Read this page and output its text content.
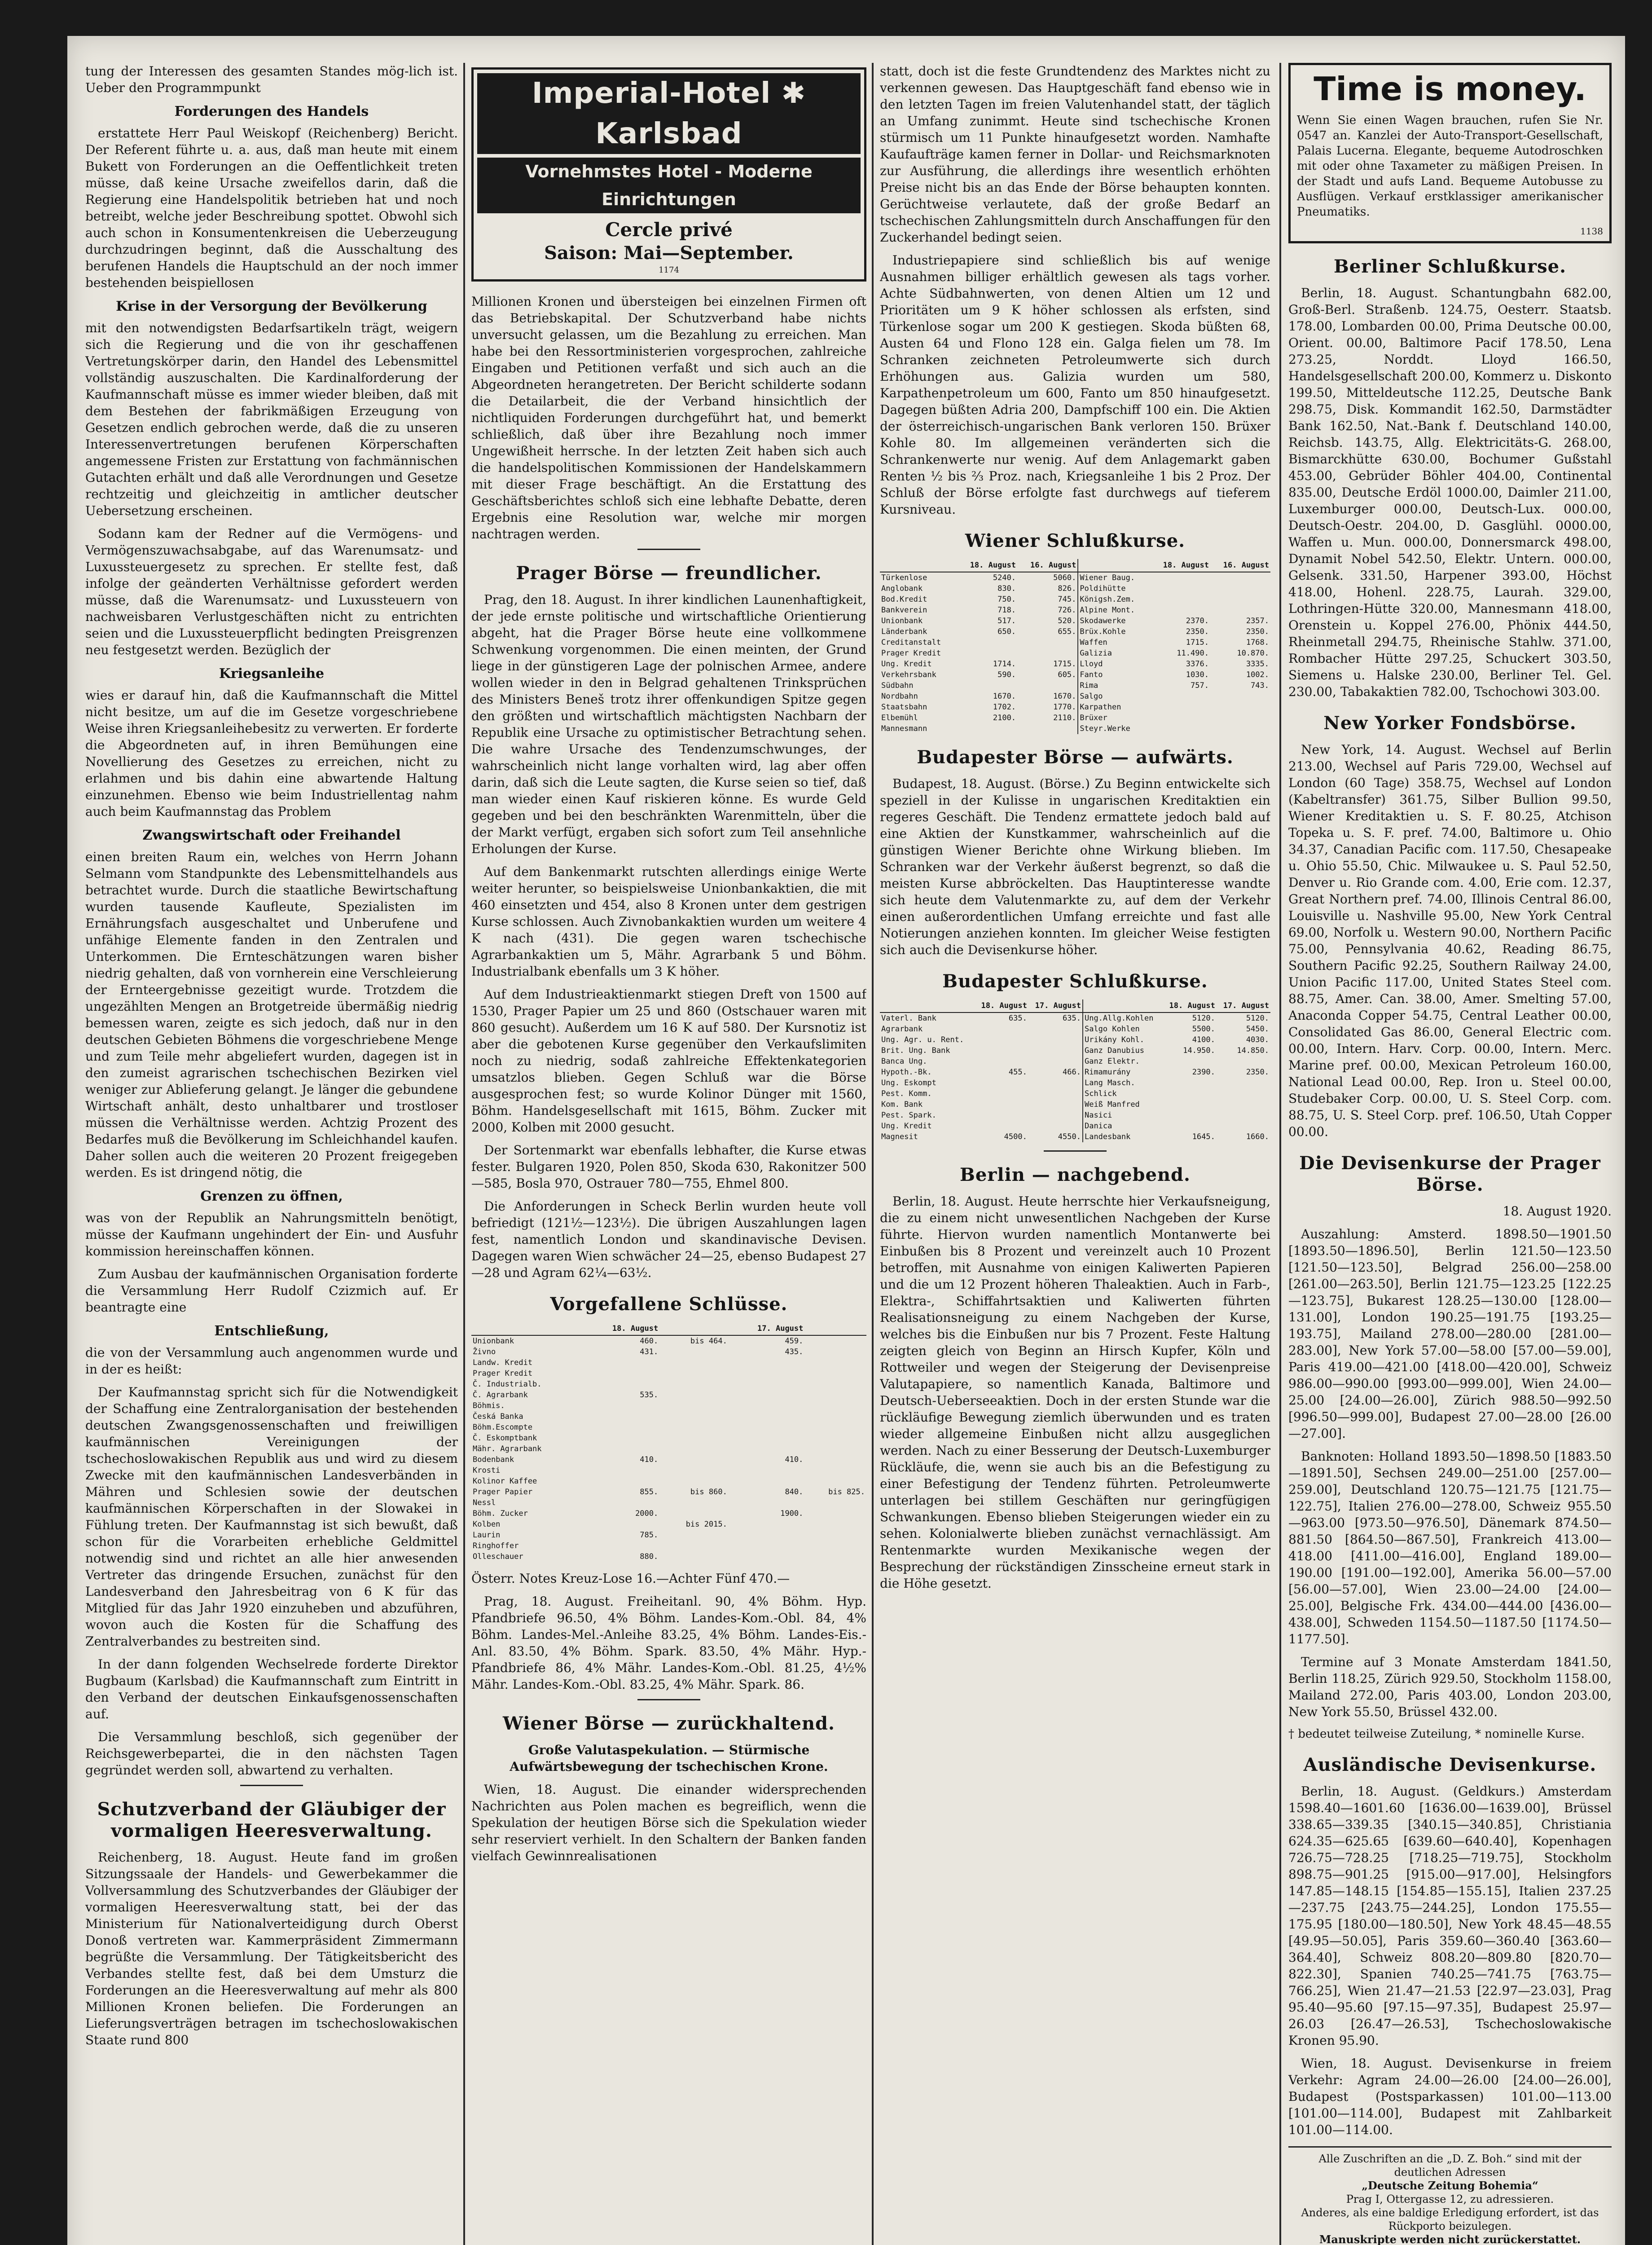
tung der Interessen des gesamten Standes mög-lich ist. Ueber den Programmpunkt

Forderungen des Handels

erstattete Herr Paul Weiskopf (Reichenberg) Bericht. Der Referent führte u. a. aus, daß man heute mit einem Bukett von Forderungen an die Oeffentlichkeit treten müsse, daß keine Ursache zweifellos darin, daß die Regierung eine Handelspolitik betrieben hat und noch betreibt, welche jeder Beschreibung spottet. Obwohl sich auch schon in Konsumentenkreisen die Ueberzeugung durchzudringen beginnt, daß die Ausschaltung des berufenen Handels die Hauptschuld an der noch immer bestehenden beispiellosen

Krise in der Versorgung der Bevölkerung

mit den notwendigsten Bedarfsartikeln trägt, weigern sich die Regierung und die von ihr geschaffenen Vertretungskörper darin, den Handel des Lebensmittel vollständig auszuschalten. Die Kardinalforderung der Kaufmannschaft müsse es immer wieder bleiben, daß mit dem Bestehen der fabrikmäßigen Erzeugung von Gesetzen endlich gebrochen werde, daß die zu unseren Interessenvertretungen berufenen Körperschaften angemessene Fristen zur Erstattung von fachmännischen Gutachten erhält und daß alle Verordnungen und Gesetze rechtzeitig und gleichzeitig in amtlicher deutscher Uebersetzung erscheinen.

Sodann kam der Redner auf die Vermögens- und Vermögenszuwachsabgabe, auf das Warenumsatz- und Luxussteuergesetz zu sprechen. Er stellte fest, daß infolge der geänderten Verhältnisse gefordert werden müsse, daß die Warenumsatz- und Luxussteuern von nachweisbaren Verlustgeschäften nicht zu entrichten seien und die Luxussteuerpflicht bedingten Preisgrenzen neu festgesetzt werden. Bezüglich der

Kriegsanleihe

wies er darauf hin, daß die Kaufmannschaft die Mittel nicht besitze, um auf die im Gesetze vorgeschriebene Weise ihren Kriegsanleihebesitz zu verwerten. Er forderte die Abgeordneten auf, in ihren Bemühungen eine Novellierung des Gesetzes zu erreichen, nicht zu erlahmen und bis dahin eine abwartende Haltung einzunehmen. Ebenso wie beim Industriellentag nahm auch beim Kaufmannstag das Problem

Zwangswirtschaft oder Freihandel

einen breiten Raum ein, welches von Herrn Johann Selmann vom Standpunkte des Lebensmittelhandels aus betrachtet wurde. Durch die staatliche Bewirtschaftung wurden tausende Kaufleute, Spezialisten im Ernährungsfach ausgeschaltet und Unberufene und unfähige Elemente fanden in den Zentralen und Unterkommen. Die Ernteschätzungen waren bisher niedrig gehalten, daß von vornherein eine Verschleierung der Ernteergebnisse gezeitigt wurde. Trotzdem die ungezählten Mengen an Brotgetreide übermäßig niedrig bemessen waren, zeigte es sich jedoch, daß nur in den deutschen Gebieten Böhmens die vorgeschriebene Menge und zum Teile mehr abgeliefert wurden, dagegen ist in den zumeist agrarischen tschechischen Bezirken viel weniger zur Ablieferung gelangt. Je länger die gebundene Wirtschaft anhält, desto unhaltbarer und trostloser müssen die Verhältnisse werden. Achtzig Prozent des Bedarfes muß die Bevölkerung im Schleichhandel kaufen. Daher sollen auch die weiteren 20 Prozent freigegeben werden. Es ist dringend nötig, die

Grenzen zu öffnen,

was von der Republik an Nahrungsmitteln benötigt, müsse der Kaufmann ungehindert der Ein- und Ausfuhr kommission hereinschaffen können.

Zum Ausbau der kaufmännischen Organisation forderte die Versammlung Herr Rudolf Czizmich auf. Er beantragte eine

Entschließung,

die von der Versammlung auch angenommen wurde und in der es heißt:

Der Kaufmannstag spricht sich für die Notwendigkeit der Schaffung eine Zentralorganisation der bestehenden deutschen Zwangsgenossenschaften und freiwilligen kaufmännischen Vereinigungen der tschechoslowakischen Republik aus und wird zu diesem Zwecke mit den kaufmännischen Landesverbänden in Mähren und Schlesien sowie der deutschen kaufmännischen Körperschaften in der Slowakei in Fühlung treten. Der Kaufmannstag ist sich bewußt, daß schon für die Vorarbeiten erhebliche Geldmittel notwendig sind und richtet an alle hier anwesenden Vertreter das dringende Ersuchen, zunächst für den Landesverband den Jahresbeitrag von 6 K für das Mitglied für das Jahr 1920 einzuheben und abzuführen, wovon auch die Kosten für die Schaffung des Zentralverbandes zu bestreiten sind.

In der dann folgenden Wechselrede forderte Direktor Bugbaum (Karlsbad) die Kaufmannschaft zum Eintritt in den Verband der deutschen Einkaufsgenossenschaften auf.

Die Versammlung beschloß, sich gegenüber der Reichsgewerbepartei, die in den nächsten Tagen gegründet werden soll, abwartend zu verhalten.

Schutzverband der Gläubiger der vormaligen Heeresverwaltung.

Reichenberg, 18. August. Heute fand im großen Sitzungssaale der Handels- und Gewerbekammer die Vollversammlung des Schutzverbandes der Gläubiger der vormaligen Heeresverwaltung statt, bei der das Ministerium für Nationalverteidigung durch Oberst Donoß vertreten war. Kammerpräsident Zimmermann begrüßte die Versammlung. Der Tätigkeitsbericht des Verbandes stellte fest, daß bei dem Umsturz die Forderungen an die Heeresverwaltung auf mehr als 800 Millionen Kronen beliefen. Die Forderungen an Lieferungsverträgen betragen im tschechoslowakischen Staate rund 800

Imperial-Hotel ✱ Karlsbad
Vornehmstes Hotel - Moderne Einrichtungen
Cercle privé
Saison: Mai—September.
1174

Millionen Kronen und übersteigen bei einzelnen Firmen oft das Betriebskapital. Der Schutzverband habe nichts unversucht gelassen, um die Bezahlung zu erreichen. Man habe bei den Ressortministerien vorgesprochen, zahlreiche Eingaben und Petitionen verfaßt und sich auch an die Abgeordneten herangetreten. Der Bericht schilderte sodann die Detailarbeit, die der Verband hinsichtlich der nichtliquiden Forderungen durchgeführt hat, und bemerkt schließlich, daß über ihre Bezahlung noch immer Ungewißheit herrsche. In der letzten Zeit haben sich auch die handelspolitischen Kommissionen der Handelskammern mit dieser Frage beschäftigt. An die Erstattung des Geschäftsberichtes schloß sich eine lebhafte Debatte, deren Ergebnis eine Resolution war, welche mir morgen nachtragen werden.

Prager Börse — freundlicher.

Prag, den 18. August. In ihrer kindlichen Launenhaftigkeit, der jede ernste politische und wirtschaftliche Orientierung abgeht, hat die Prager Börse heute eine vollkommene Schwenkung vorgenommen. Die einen meinten, der Grund liege in der günstigeren Lage der polnischen Armee, andere wollen wieder in den in Belgrad gehaltenen Trinksprüchen des Ministers Beneš trotz ihrer offenkundigen Spitze gegen den größten und wirtschaftlich mächtigsten Nachbarn der Republik eine Ursache zu optimistischer Betrachtung sehen. Die wahre Ursache des Tendenzumschwunges, der wahrscheinlich nicht lange vorhalten wird, lag aber offen darin, daß sich die Leute sagten, die Kurse seien so tief, daß man wieder einen Kauf riskieren könne. Es wurde Geld gegeben und bei den beschränkten Warenmitteln, über die der Markt verfügt, ergaben sich sofort zum Teil ansehnliche Erholungen der Kurse.

Auf dem Bankenmarkt rutschten allerdings einige Werte weiter herunter, so beispielsweise Unionbankaktien, die mit 460 einsetzten und 454, also 8 Kronen unter dem gestrigen Kurse schlossen. Auch Zivnobankaktien wurden um weitere 4 K nach (431). Die gegen waren tschechische Agrarbankaktien um 5, Mähr. Agrarbank 5 und Böhm. Industrialbank ebenfalls um 3 K höher.

Auf dem Industrieaktienmarkt stiegen Dreft von 1500 auf 1530, Prager Papier um 25 und 860 (Ostschauer waren mit 860 gesucht). Außerdem um 16 K auf 580. Der Kursnotiz ist aber die gebotenen Kurse gegenüber den Verkaufslimiten noch zu niedrig, sodaß zahlreiche Effektenkategorien umsatzlos blieben. Gegen Schluß war die Börse ausgesprochen fest; so wurde Kolinor Dünger mit 1560, Böhm. Handelsgesellschaft mit 1615, Böhm. Zucker mit 2000, Kolben mit 2000 gesucht.

Der Sortenmarkt war ebenfalls lebhafter, die Kurse etwas fester. Bulgaren 1920, Polen 850, Skoda 630, Rakonitzer 500—585, Bosla 970, Ostrauer 780—755, Ehmel 800.

Die Anforderungen in Scheck Berlin wurden heute voll befriedigt (121½—123½). Die übrigen Auszahlungen lagen fest, namentlich London und skandinavische Devisen. Dagegen waren Wien schwächer 24—25, ebenso Budapest 27—28 und Agram 62¼—63½.

Vorgefallene Schlüsse.
	18. August		17. August	
Unionbank	460.	bis 464.	459.	
Živno	431.		435.	
Landw. Kredit				
Prager Kredit				
Č. Industrialb.				
Č. Agrarbank	535.			
Böhmis.				
Česká Banka				
Böhm.Escompte				
Č. Eskomptbank				
Mähr. Agrarbank				
Bodenbank	410.		410.	
Krosti				
Kolinor Kaffee				
Prager Papier	855.	bis 860.	840.	bis 825.
Nessl				
Böhm. Zucker	2000.		1900.	
Kolben		bis 2015.		
Laurin	785.			
Ringhoffer				
Olleschauer	880.			

Österr. Notes Kreuz-Lose 16.—Achter Fünf 470.—

Prag, 18. August. Freiheitanl. 90, 4% Böhm. Hyp. Pfandbriefe 96.50, 4% Böhm. Landes-Kom.-Obl. 84, 4% Böhm. Landes-Mel.-Anleihe 83.25, 4% Böhm. Landes-Eis.-Anl. 83.50, 4% Böhm. Spark. 83.50, 4% Mähr. Hyp.-Pfandbriefe 86, 4% Mähr. Landes-Kom.-Obl. 81.25, 4½% Mähr. Landes-Kom.-Obl. 83.25, 4% Mähr. Spark. 86.

Wiener Börse — zurückhaltend.

Große Valutaspekulation. — Stürmische Aufwärtsbewegung der tschechischen Krone.

Wien, 18. August. Die einander widersprechenden Nachrichten aus Polen machen es begreiflich, wenn die Spekulation der heutigen Börse sich die Spekulation wieder sehr reserviert verhielt. In den Schaltern der Banken fanden vielfach Gewinnrealisationen

statt, doch ist die feste Grundtendenz des Marktes nicht zu verkennen gewesen. Das Hauptgeschäft fand ebenso wie in den letzten Tagen im freien Valutenhandel statt, der täglich an Umfang zunimmt. Heute sind tschechische Kronen stürmisch um 11 Punkte hinaufgesetzt worden. Namhafte Kaufaufträge kamen ferner in Dollar- und Reichsmarknoten zur Ausführung, die allerdings ihre wesentlich erhöhten Preise nicht bis an das Ende der Börse behaupten konnten. Gerüchtweise verlautete, daß der große Bedarf an tschechischen Zahlungsmitteln durch Anschaffungen für den Zuckerhandel bedingt seien.

Industriepapiere sind schließlich bis auf wenige Ausnahmen billiger erhältlich gewesen als tags vorher. Achte Südbahnwerten, von denen Altien um 12 und Prioritäten um 9 K höher schlossen als erfsten, sind Türkenlose sogar um 200 K gestiegen. Skoda büßten 68, Austen 64 und Flono 128 ein. Galga fielen um 78. Im Schranken zeichneten Petroleumwerte sich durch Erhöhungen aus. Galizia wurden um 580, Karpathenpetroleum um 600, Fanto um 850 hinaufgesetzt. Dagegen büßten Adria 200, Dampfschiff 100 ein. Die Aktien der österreichisch-ungarischen Bank verloren 150. Brüxer Kohle 80. Im allgemeinen veränderten sich die Schrankenwerte nur wenig. Auf dem Anlagemarkt gaben Renten ½ bis ⅔ Proz. nach, Kriegsanleihe 1 bis 2 Proz. Der Schluß der Börse erfolgte fast durchwegs auf tieferem Kursniveau.

Wiener Schlußkurse.
	18. August	16. August		18. August	16. August
Türkenlose	5240.	5060.	Wiener Baug.		
Anglobank	830.	826.	Poldihütte		
Bod.Kredit	750.	745.	Königsh.Zem.		
Bankverein	718.	726.	Alpine Mont.		
Unionbank	517.	520.	Skodawerke	2370.	2357.
Länderbank	650.	655.	Brüx.Kohle	2350.	2350.
Creditanstalt			Waffen	1715.	1768.
Prager Kredit			Galizia	11.490.	10.870.
Ung. Kredit	1714.	1715.	Lloyd	3376.	3335.
Verkehrsbank	590.	605.	Fanto	1030.	1002.
Südbahn			Rima	757.	743.
Nordbahn	1670.	1670.	Salgo		
Staatsbahn	1702.	1770.	Karpathen		
Elbemühl	2100.	2110.	Brüxer		
Mannesmann			Steyr.Werke		
Budapester Börse — aufwärts.

Budapest, 18. August. (Börse.) Zu Beginn entwickelte sich speziell in der Kulisse in ungarischen Kreditaktien ein regeres Geschäft. Die Tendenz ermattete jedoch bald auf eine Aktien der Kunstkammer, wahrscheinlich auf die günstigen Wiener Berichte ohne Wirkung blieben. Im Schranken war der Verkehr äußerst begrenzt, so daß die meisten Kurse abbröckelten. Das Hauptinteresse wandte sich heute dem Valutenmarkte zu, auf dem der Verkehr einen außerordentlichen Umfang erreichte und fast alle Notierungen anziehen konnten. Im gleicher Weise festigten sich auch die Devisenkurse höher.

Budapester Schlußkurse.
	18. August	17. August		18. August	17. August
Vaterl. Bank	635.	635.	Ung.Allg.Kohlen	5120.	5120.
Agrarbank			Salgo Kohlen	5500.	5450.
Ung. Agr. u. Rent.			Urikány Kohl.	4100.	4030.
Brit. Ung. Bank			Ganz Danubius	14.950.	14.850.
Banca Ung.			Ganz Elektr.		
Hypoth.-Bk.	455.	466.	Rimamurány	2390.	2350.
Ung. Eskompt			Lang Masch.		
Pest. Komm.			Schlick		
Kom. Bank			Weiß Manfred		
Pest. Spark.			Nasici		
Ung. Kredit			Danica		
Magnesit	4500.	4550.	Landesbank	1645.	1660.
Berlin — nachgebend.

Berlin, 18. August. Heute herrschte hier Verkaufsneigung, die zu einem nicht unwesentlichen Nachgeben der Kurse führte. Hiervon wurden namentlich Montanwerte bei Einbußen bis 8 Prozent und vereinzelt auch 10 Prozent betroffen, mit Ausnahme von einigen Kaliwerten Papieren und die um 12 Prozent höheren Thaleaktien. Auch in Farb-, Elektra-, Schiffahrtsaktien und Kaliwerten führten Realisationsneigung zu einem Nachgeben der Kurse, welches bis die Einbußen nur bis 7 Prozent. Feste Haltung zeigten gleich von Beginn an Hirsch Kupfer, Köln und Rottweiler und wegen der Steigerung der Devisenpreise Valutapapiere, so namentlich Kanada, Baltimore und Deutsch-Ueberseeaktien. Doch in der ersten Stunde war die rückläufige Bewegung ziemlich überwunden und es traten wieder allgemeine Einbußen nicht allzu ausgeglichen werden. Nach zu einer Besserung der Deutsch-Luxemburger Rückläufe, die, wenn sie auch bis an die Befestigung zu einer Befestigung der Tendenz führten. Petroleumwerte unterlagen bei stillem Geschäften nur geringfügigen Schwankungen. Ebenso blieben Steigerungen wieder ein zu sehen. Kolonialwerte blieben zunächst vernachlässigt. Am Rentenmarkte wurden Mexikanische wegen der Besprechung der rückständigen Zinsscheine erneut stark in die Höhe gesetzt.

Time is money.

Wenn Sie einen Wagen brauchen, rufen Sie Nr. 0547 an. Kanzlei der Auto-Transport-Gesellschaft, Palais Lucerna. Elegante, bequeme Autodroschken mit oder ohne Taxameter zu mäßigen Preisen. In der Stadt und aufs Land. Bequeme Autobusse zu Ausflügen. Verkauf erstklassiger amerikanischer Pneumatiks.

1138
Berliner Schlußkurse.

Berlin, 18. August. Schantungbahn 682.00, Groß-Berl. Straßenb. 124.75, Oesterr. Staatsb. 178.00, Lombarden 00.00, Prima Deutsche 00.00, Orient. 00.00, Baltimore Pacif 178.50, Lena 273.25, Norddt. Lloyd 166.50, Handelsgesellschaft 200.00, Kommerz u. Diskonto 199.50, Mitteldeutsche 112.25, Deutsche Bank 298.75, Disk. Kommandit 162.50, Darmstädter Bank 162.50, Nat.-Bank f. Deutschland 140.00, Reichsb. 143.75, Allg. Elektricitäts-G. 268.00, Bismarckhütte 630.00, Bochumer Gußstahl 453.00, Gebrüder Böhler 404.00, Continental 835.00, Deutsche Erdöl 1000.00, Daimler 211.00, Luxemburger 000.00, Deutsch-Lux. 000.00, Deutsch-Oestr. 204.00, D. Gasglühl. 0000.00, Waffen u. Mun. 000.00, Donnersmarck 498.00, Dynamit Nobel 542.50, Elektr. Untern. 000.00, Gelsenk. 331.50, Harpener 393.00, Höchst 418.00, Hohenl. 228.75, Laurah. 329.00, Lothringen-Hütte 320.00, Mannesmann 418.00, Orenstein u. Koppel 276.00, Phönix 444.50, Rheinmetall 294.75, Rheinische Stahlw. 371.00, Rombacher Hütte 297.25, Schuckert 303.50, Siemens u. Halske 230.00, Berliner Tel. Gel. 230.00, Tabakaktien 782.00, Tschochowi 303.00.

New Yorker Fondsbörse.

New York, 14. August. Wechsel auf Berlin 213.00, Wechsel auf Paris 729.00, Wechsel auf London (60 Tage) 358.75, Wechsel auf London (Kabeltransfer) 361.75, Silber Bullion 99.50, Wiener Kreditaktien u. S. F. 80.25, Atchison Topeka u. S. F. pref. 74.00, Baltimore u. Ohio 34.37, Canadian Pacific com. 117.50, Chesapeake u. Ohio 55.50, Chic. Milwaukee u. S. Paul 52.50, Denver u. Rio Grande com. 4.00, Erie com. 12.37, Great Northern pref. 74.00, Illinois Central 86.00, Louisville u. Nashville 95.00, New York Central 69.00, Norfolk u. Western 90.00, Northern Pacific 75.00, Pennsylvania 40.62, Reading 86.75, Southern Pacific 92.25, Southern Railway 24.00, Union Pacific 117.00, United States Steel com. 88.75, Amer. Can. 38.00, Amer. Smelting 57.00, Anaconda Copper 54.75, Central Leather 00.00, Consolidated Gas 86.00, General Electric com. 00.00, Intern. Harv. Corp. 00.00, Intern. Merc. Marine pref. 00.00, Mexican Petroleum 160.00, National Lead 00.00, Rep. Iron u. Steel 00.00, Studebaker Corp. 00.00, U. S. Steel Corp. com. 88.75, U. S. Steel Corp. pref. 106.50, Utah Copper 00.00.

Die Devisenkurse der Prager Börse.

18. August 1920.

Auszahlung: Amsterd. 1898.50—1901.50 [1893.50—1896.50], Berlin 121.50—123.50 [121.50—123.50], Belgrad 256.00—258.00 [261.00—263.50], Berlin 121.75—123.25 [122.25—123.75], Bukarest 128.25—130.00 [128.00—131.00], London 190.25—191.75 [193.25—193.75], Mailand 278.00—280.00 [281.00—283.00], New York 57.00—58.00 [57.00—59.00], Paris 419.00—421.00 [418.00—420.00], Schweiz 986.00—990.00 [993.00—999.00], Wien 24.00—25.00 [24.00—26.00], Zürich 988.50—992.50 [996.50—999.00], Budapest 27.00—28.00 [26.00—27.00].

Banknoten: Holland 1893.50—1898.50 [1883.50—1891.50], Sechsen 249.00—251.00 [257.00—259.00], Deutschland 120.75—121.75 [121.75—122.75], Italien 276.00—278.00, Schweiz 955.50—963.00 [973.50—976.50], Dänemark 874.50—881.50 [864.50—867.50], Frankreich 413.00—418.00 [411.00—416.00], England 189.00—190.00 [191.00—192.00], Amerika 56.00—57.00 [56.00—57.00], Wien 23.00—24.00 [24.00—25.00], Belgische Frk. 434.00—444.00 [436.00—438.00], Schweden 1154.50—1187.50 [1174.50—1177.50].

Termine auf 3 Monate Amsterdam 1841.50, Berlin 118.25, Zürich 929.50, Stockholm 1158.00, Mailand 272.00, Paris 403.00, London 203.00, New York 55.50, Brüssel 432.00.

† bedeutet teilweise Zuteilung, * nominelle Kurse.
Ausländische Devisenkurse.

Berlin, 18. August. (Geldkurs.) Amsterdam 1598.40—1601.60 [1636.00—1639.00], Brüssel 338.65—339.35 [340.15—340.85], Christiania 624.35—625.65 [639.60—640.40], Kopenhagen 726.75—728.25 [718.25—719.75], Stockholm 898.75—901.25 [915.00—917.00], Helsingfors 147.85—148.15 [154.85—155.15], Italien 237.25—237.75 [243.75—244.25], London 175.55—175.95 [180.00—180.50], New York 48.45—48.55 [49.95—50.05], Paris 359.60—360.40 [363.60—364.40], Schweiz 808.20—809.80 [820.70—822.30], Spanien 740.25—741.75 [763.75—766.25], Wien 21.47—21.53 [22.97—23.03], Prag 95.40—95.60 [97.15—97.35], Budapest 25.97—26.03 [26.47—26.53], Tschechoslowakische Kronen 95.90.

Wien, 18. August. Devisenkurse in freiem Verkehr: Agram 24.00—26.00 [24.00—26.00], Budapest (Postsparkassen) 101.00—113.00 [101.00—114.00], Budapest mit Zahlbarkeit 101.00—114.00.

Alle Zuschriften an die „D. Z. Boh.“ sind mit der deutlichen Adressen
„Deutsche Zeitung Bohemia“
Prag I, Ottergasse 12, zu adressieren.
Anderes, als eine baldige Erledigung erfordert, ist das Rückporto beizulegen.
Manuskripte werden nicht zurückerstattet.
